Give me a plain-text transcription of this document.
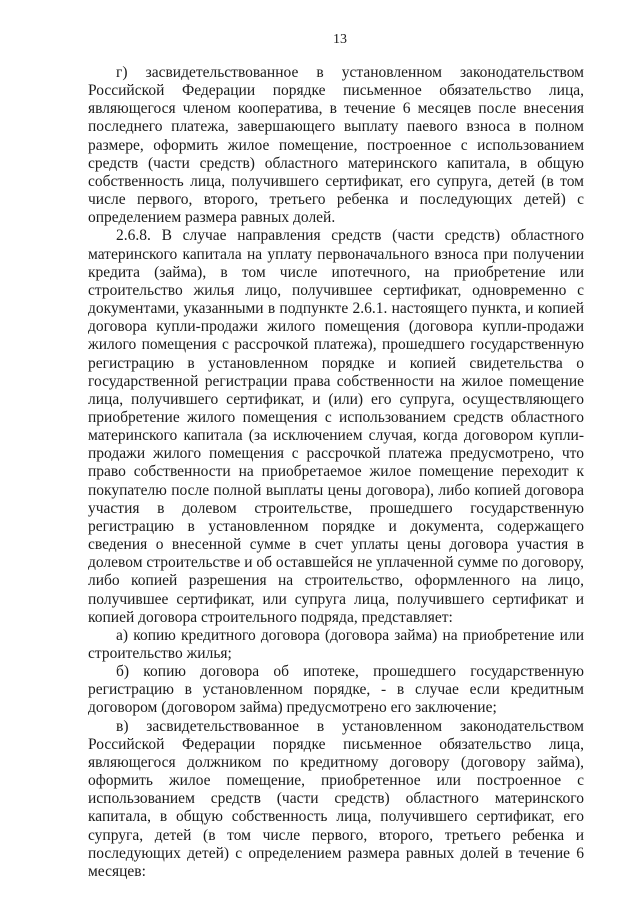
13

г) засвидетельствованное в установленном законодательством Российской Федерации порядке письменное обязательство лица, являющегося членом кооператива, в течение 6 месяцев после внесения последнего платежа, завершающего выплату паевого взноса в полном размере, оформить жилое помещение, построенное с использованием средств (части средств) областного материнского капитала, в общую собственность лица, получившего сертификат, его супруга, детей (в том числе первого, второго, третьего ребенка и последующих детей) с определением размера равных долей.

2.6.8. В случае направления средств (части средств) областного материнского капитала на уплату первоначального взноса при получении кредита (займа), в том числе ипотечного, на приобретение или строительство жилья лицо, получившее сертификат, одновременно с документами, указанными в подпункте 2.6.1. настоящего пункта, и копией договора купли-продажи жилого помещения (договора купли-продажи жилого помещения с рассрочкой платежа), прошедшего государственную регистрацию в установленном порядке и копией свидетельства о государственной регистрации права собственности на жилое помещение лица, получившего сертификат, и (или) его супруга, осуществляющего приобретение жилого помещения с использованием средств областного материнского капитала (за исключением случая, когда договором купли-продажи жилого помещения с рассрочкой платежа предусмотрено, что право собственности на приобретаемое жилое помещение переходит к покупателю после полной выплаты цены договора), либо копией договора участия в долевом строительстве, прошедшего государственную регистрацию в установленном порядке и документа, содержащего сведения о внесенной сумме в счет уплаты цены договора участия в долевом строительстве и об оставшейся не уплаченной сумме по договору, либо копией разрешения на строительство, оформленного на лицо, получившее сертификат, или супруга лица, получившего сертификат и копией договора строительного подряда, представляет:

а) копию кредитного договора (договора займа) на приобретение или строительство жилья;

б) копию договора об ипотеке, прошедшего государственную регистрацию в установленном порядке, - в случае если кредитным договором (договором займа) предусмотрено его заключение;

в) засвидетельствованное в установленном законодательством Российской Федерации порядке письменное обязательство лица, являющегося должником по кредитному договору (договору займа), оформить жилое помещение, приобретенное или построенное с использованием средств (части средств) областного материнского капитала, в общую собственность лица, получившего сертификат, его супруга, детей (в том числе первого, второго, третьего ребенка и последующих детей) с определением размера равных долей в течение 6 месяцев:
